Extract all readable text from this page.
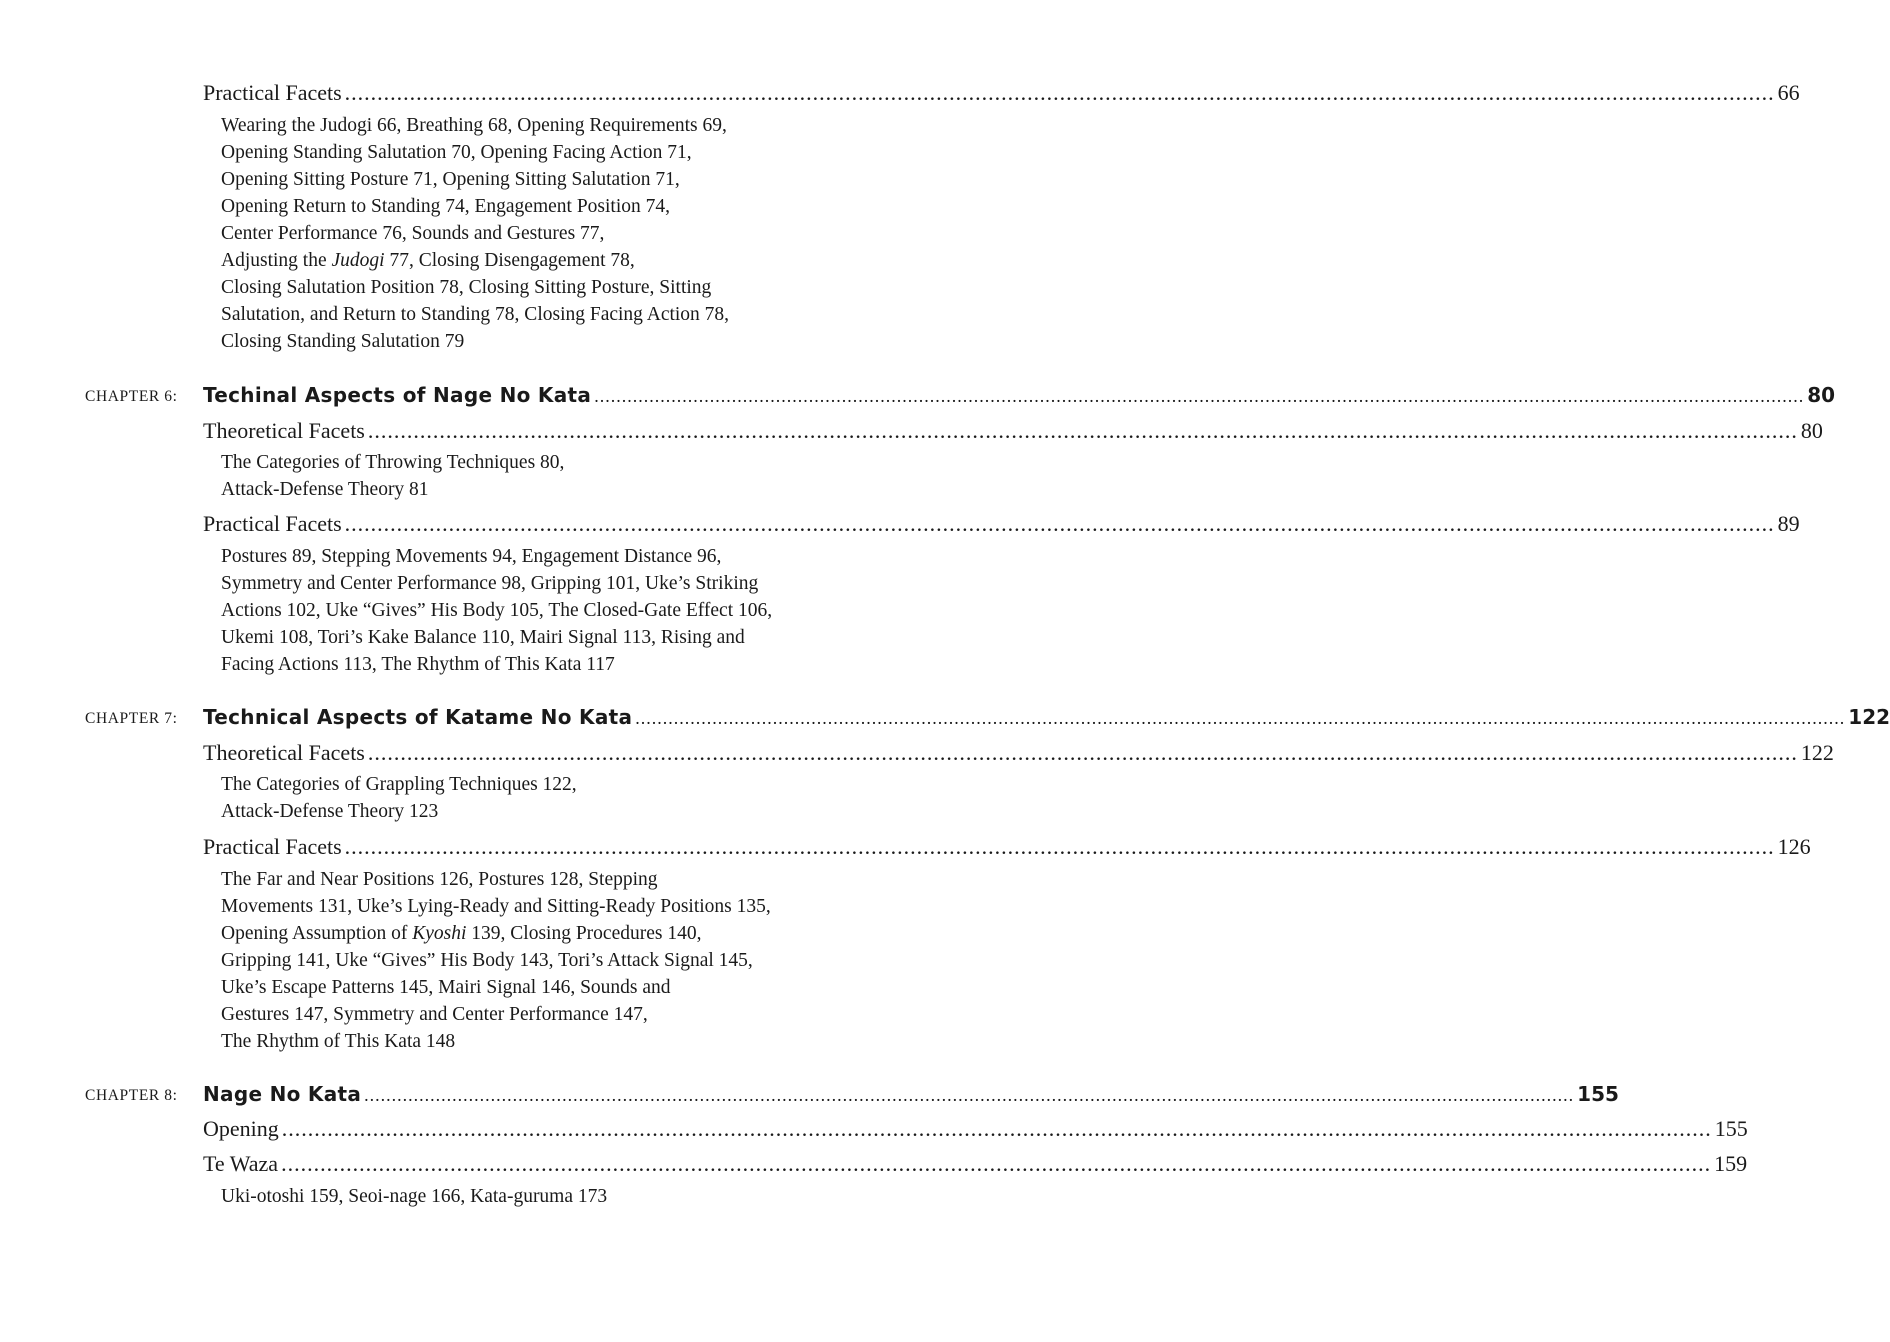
Practical Facets ............................................................................................................................................................................................................................ 66
Wearing the Judogi 66, Breathing 68, Opening Requirements 69,
Opening Standing Salutation 70, Opening Facing Action 71,
Opening Sitting Posture 71, Opening Sitting Salutation 71,
Opening Return to Standing 74, Engagement Position 74,
Center Performance 76, Sounds and Gestures 77,
Adjusting the Judogi 77, Closing Disengagement 78,
Closing Salutation Position 78, Closing Sitting Posture, Sitting
Salutation, and Return to Standing 78, Closing Facing Action 78,
Closing Standing Salutation 79
CHAPTER 6: Techinal Aspects of Nage No Kata ............................................................................................................................................................................................................................ 80
Theoretical Facets ............................................................................................................................................................................................................................ 80
The Categories of Throwing Techniques 80,
Attack-Defense Theory 81
Practical Facets ............................................................................................................................................................................................................................ 89
Postures 89, Stepping Movements 94, Engagement Distance 96,
Symmetry and Center Performance 98, Gripping 101, Uke’s Striking
Actions 102, Uke “Gives” His Body 105, The Closed-Gate Effect 106,
Ukemi 108, Tori’s Kake Balance 110, Mairi Signal 113, Rising and
Facing Actions 113, The Rhythm of This Kata 117
CHAPTER 7: Technical Aspects of Katame No Kata ............................................................................................................................................................................................................................ 122
Theoretical Facets ............................................................................................................................................................................................................................ 122
The Categories of Grappling Techniques 122,
Attack-Defense Theory 123
Practical Facets ............................................................................................................................................................................................................................ 126
The Far and Near Positions 126, Postures 128, Stepping
Movements 131, Uke’s Lying-Ready and Sitting-Ready Positions 135,
Opening Assumption of Kyoshi 139, Closing Procedures 140,
Gripping 141, Uke “Gives” His Body 143, Tori’s Attack Signal 145,
Uke’s Escape Patterns 145, Mairi Signal 146, Sounds and
Gestures 147, Symmetry and Center Performance 147,
The Rhythm of This Kata 148
CHAPTER 8: Nage No Kata ............................................................................................................................................................................................................................ 155
Opening ............................................................................................................................................................................................................................ 155
Te Waza ............................................................................................................................................................................................................................ 159
Uki-otoshi 159, Seoi-nage 166, Kata-guruma 173
